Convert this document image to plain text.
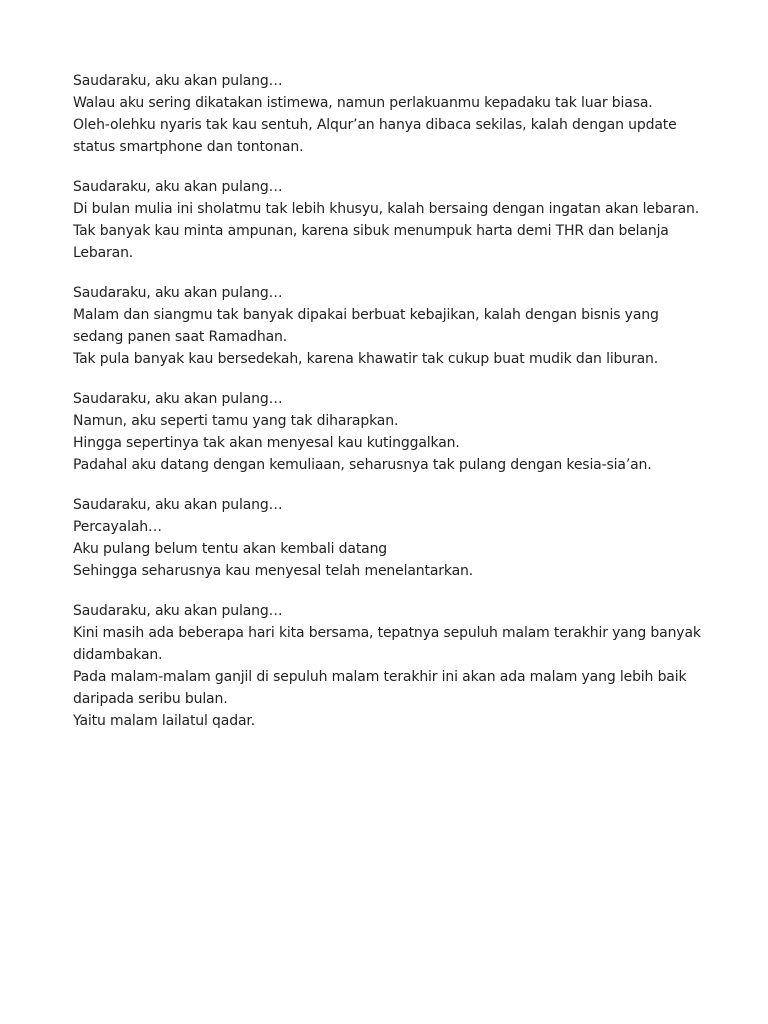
Saudaraku, aku akan pulang…
Walau aku sering dikatakan istimewa, namun perlakuanmu kepadaku tak luar biasa.
Oleh-olehku nyaris tak kau sentuh, Alqur’an hanya dibaca sekilas, kalah dengan update status smartphone dan tontonan.
Saudaraku, aku akan pulang…
Di bulan mulia ini sholatmu tak lebih khusyu, kalah bersaing dengan ingatan akan lebaran.
Tak banyak kau minta ampunan, karena sibuk menumpuk harta demi THR dan belanja Lebaran.
Saudaraku, aku akan pulang…
Malam dan siangmu tak banyak dipakai berbuat kebajikan, kalah dengan bisnis yang sedang panen saat Ramadhan.
Tak pula banyak kau bersedekah, karena khawatir tak cukup buat mudik dan liburan.
Saudaraku, aku akan pulang…
Namun, aku seperti tamu yang tak diharapkan.
Hingga sepertinya tak akan menyesal kau kutinggalkan.
Padahal aku datang dengan kemuliaan, seharusnya tak pulang dengan kesia-sia’an.
Saudaraku, aku akan pulang…
Percayalah…
Aku pulang belum tentu akan kembali datang
Sehingga seharusnya kau menyesal telah menelantarkan.
Saudaraku, aku akan pulang…
Kini masih ada beberapa hari kita bersama, tepatnya sepuluh malam terakhir yang banyak didambakan.
Pada malam-malam ganjil di sepuluh malam terakhir ini akan ada malam yang lebih baik daripada seribu bulan.
Yaitu malam lailatul qadar.
